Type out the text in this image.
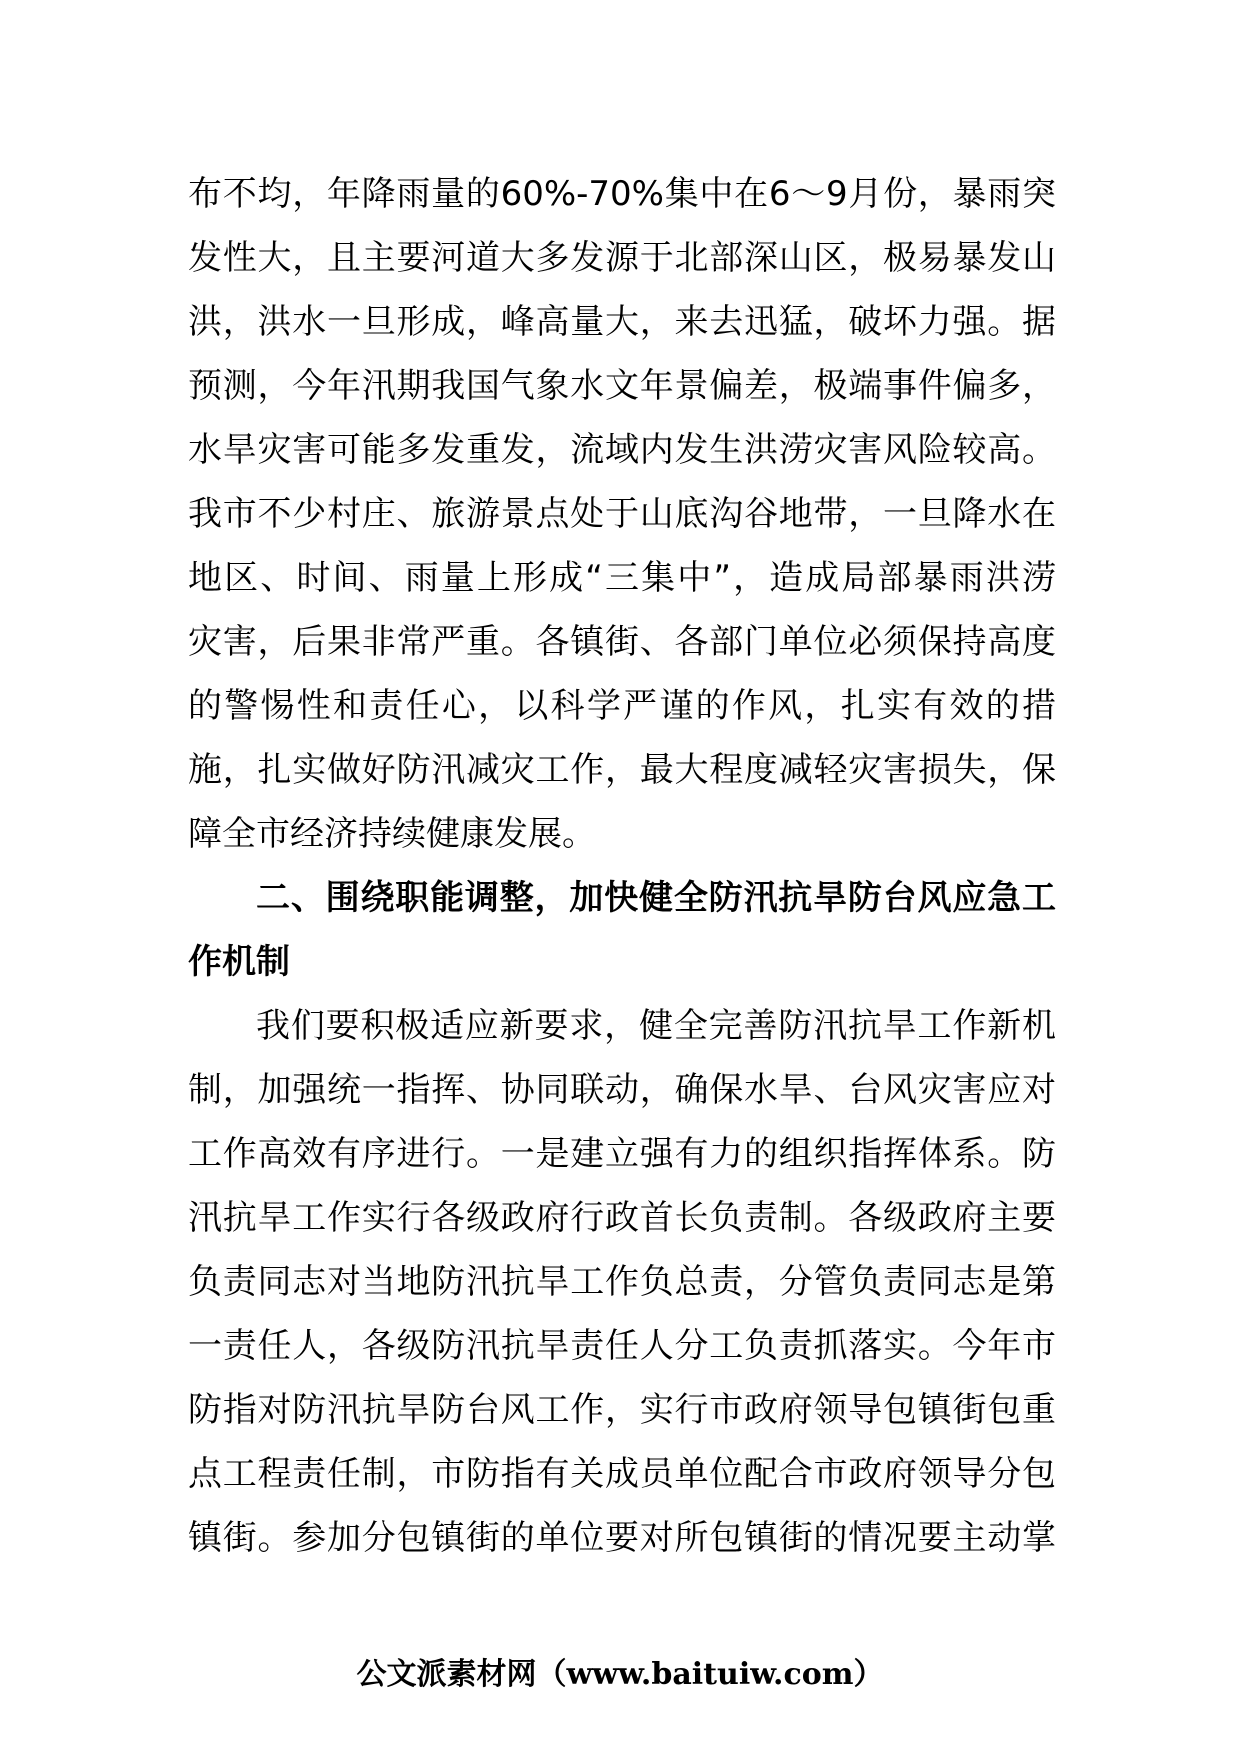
布不均，年降雨量的60%-70%集中在6～9月份，暴雨突
发性大，且主要河道大多发源于北部深山区，极易暴发山
洪，洪水一旦形成，峰高量大，来去迅猛，破坏力强。据
预测，今年汛期我国气象水文年景偏差，极端事件偏多，
水旱灾害可能多发重发，流域内发生洪涝灾害风险较高。
我市不少村庄、旅游景点处于山底沟谷地带，一旦降水在
地区、时间、雨量上形成“三集中”，造成局部暴雨洪涝
灾害，后果非常严重。各镇街、各部门单位必须保持高度
的警惕性和责任心，以科学严谨的作风，扎实有效的措
施，扎实做好防汛减灾工作，最大程度减轻灾害损失，保
障全市经济持续健康发展。
二、围绕职能调整，加快健全防汛抗旱防台风应急工
作机制
我们要积极适应新要求，健全完善防汛抗旱工作新机
制，加强统一指挥、协同联动，确保水旱、台风灾害应对
工作高效有序进行。一是建立强有力的组织指挥体系。防
汛抗旱工作实行各级政府行政首长负责制。各级政府主要
负责同志对当地防汛抗旱工作负总责，分管负责同志是第
一责任人，各级防汛抗旱责任人分工负责抓落实。今年市
防指对防汛抗旱防台风工作，实行市政府领导包镇街包重
点工程责任制，市防指有关成员单位配合市政府领导分包
镇街。参加分包镇街的单位要对所包镇街的情况要主动掌
公文派素材网（www.baituiw.com）
